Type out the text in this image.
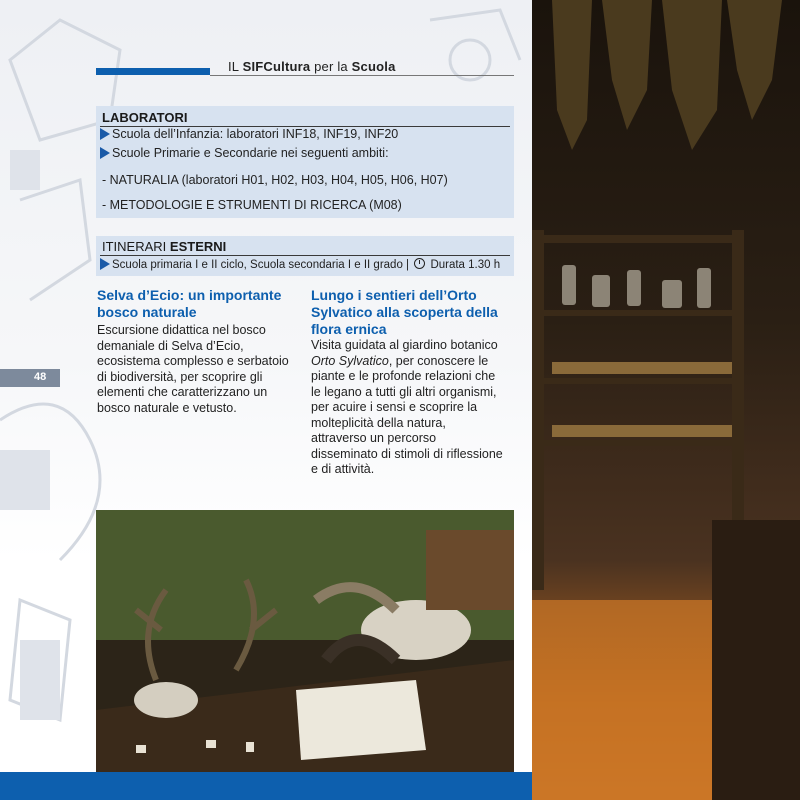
IL SIFCultura per la Scuola
LABORATORI
Scuola dell’Infanzia: laboratori INF18, INF19, INF20
Scuole Primarie e Secondarie nei seguenti ambiti:
- NATURALIA (laboratori H01, H02, H03, H04, H05, H06, H07)
- METODOLOGIE E STRUMENTI DI RICERCA (M08)
ITINERARI ESTERNI
Scuola primaria I e II ciclo, Scuola secondaria I e II grado | Durata 1.30 h
Selva d’Ecio: un importante
bosco naturale
Escursione didattica nel bosco
demaniale di Selva d’Ecio,
ecosistema complesso e serbatoio
di biodiversità, per scoprire gli
elementi che caratterizzano un
bosco naturale e vetusto.
Lungo i sentieri dell’Orto
Sylvatico alla scoperta della
flora ernica
Visita guidata al giardino botanico
Orto Sylvatico, per conoscere le
piante e le profonde relazioni che
le legano a tutti gli altri organismi,
per acuire i sensi e scoprire la
molteplicità della natura,
attraverso un percorso
disseminato di stimoli di riflessione
e di attività.
48
